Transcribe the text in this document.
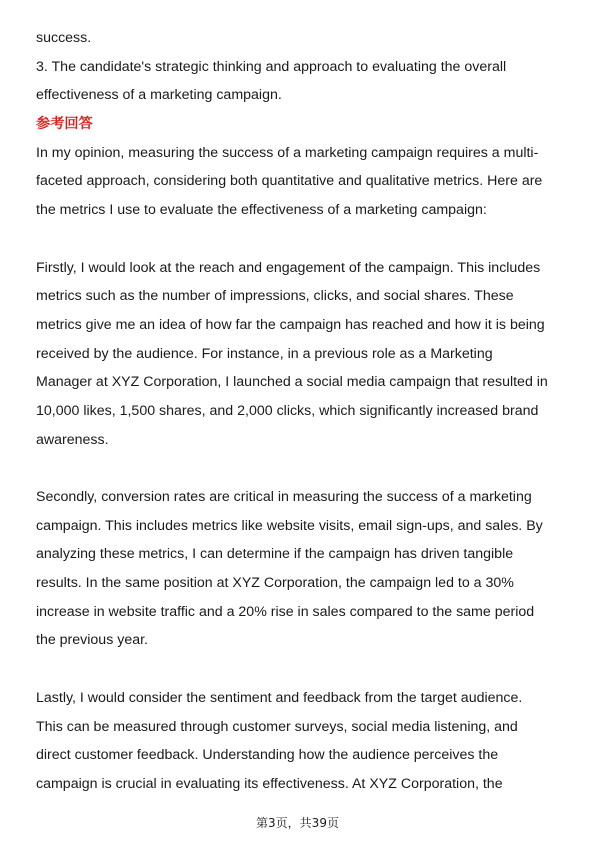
success.
3. The candidate's strategic thinking and approach to evaluating the overall
effectiveness of a marketing campaign.
参考回答
In my opinion, measuring the success of a marketing campaign requires a multi-
faceted approach, considering both quantitative and qualitative metrics. Here are
the metrics I use to evaluate the effectiveness of a marketing campaign:
Firstly, I would look at the reach and engagement of the campaign. This includes
metrics such as the number of impressions, clicks, and social shares. These
metrics give me an idea of how far the campaign has reached and how it is being
received by the audience. For instance, in a previous role as a Marketing
Manager at XYZ Corporation, I launched a social media campaign that resulted in
10,000 likes, 1,500 shares, and 2,000 clicks, which significantly increased brand
awareness.
Secondly, conversion rates are critical in measuring the success of a marketing
campaign. This includes metrics like website visits, email sign-ups, and sales. By
analyzing these metrics, I can determine if the campaign has driven tangible
results. In the same position at XYZ Corporation, the campaign led to a 30%
increase in website traffic and a 20% rise in sales compared to the same period
the previous year.
Lastly, I would consider the sentiment and feedback from the target audience.
This can be measured through customer surveys, social media listening, and
direct customer feedback. Understanding how the audience perceives the
campaign is crucial in evaluating its effectiveness. At XYZ Corporation, the
第3页，共39页
